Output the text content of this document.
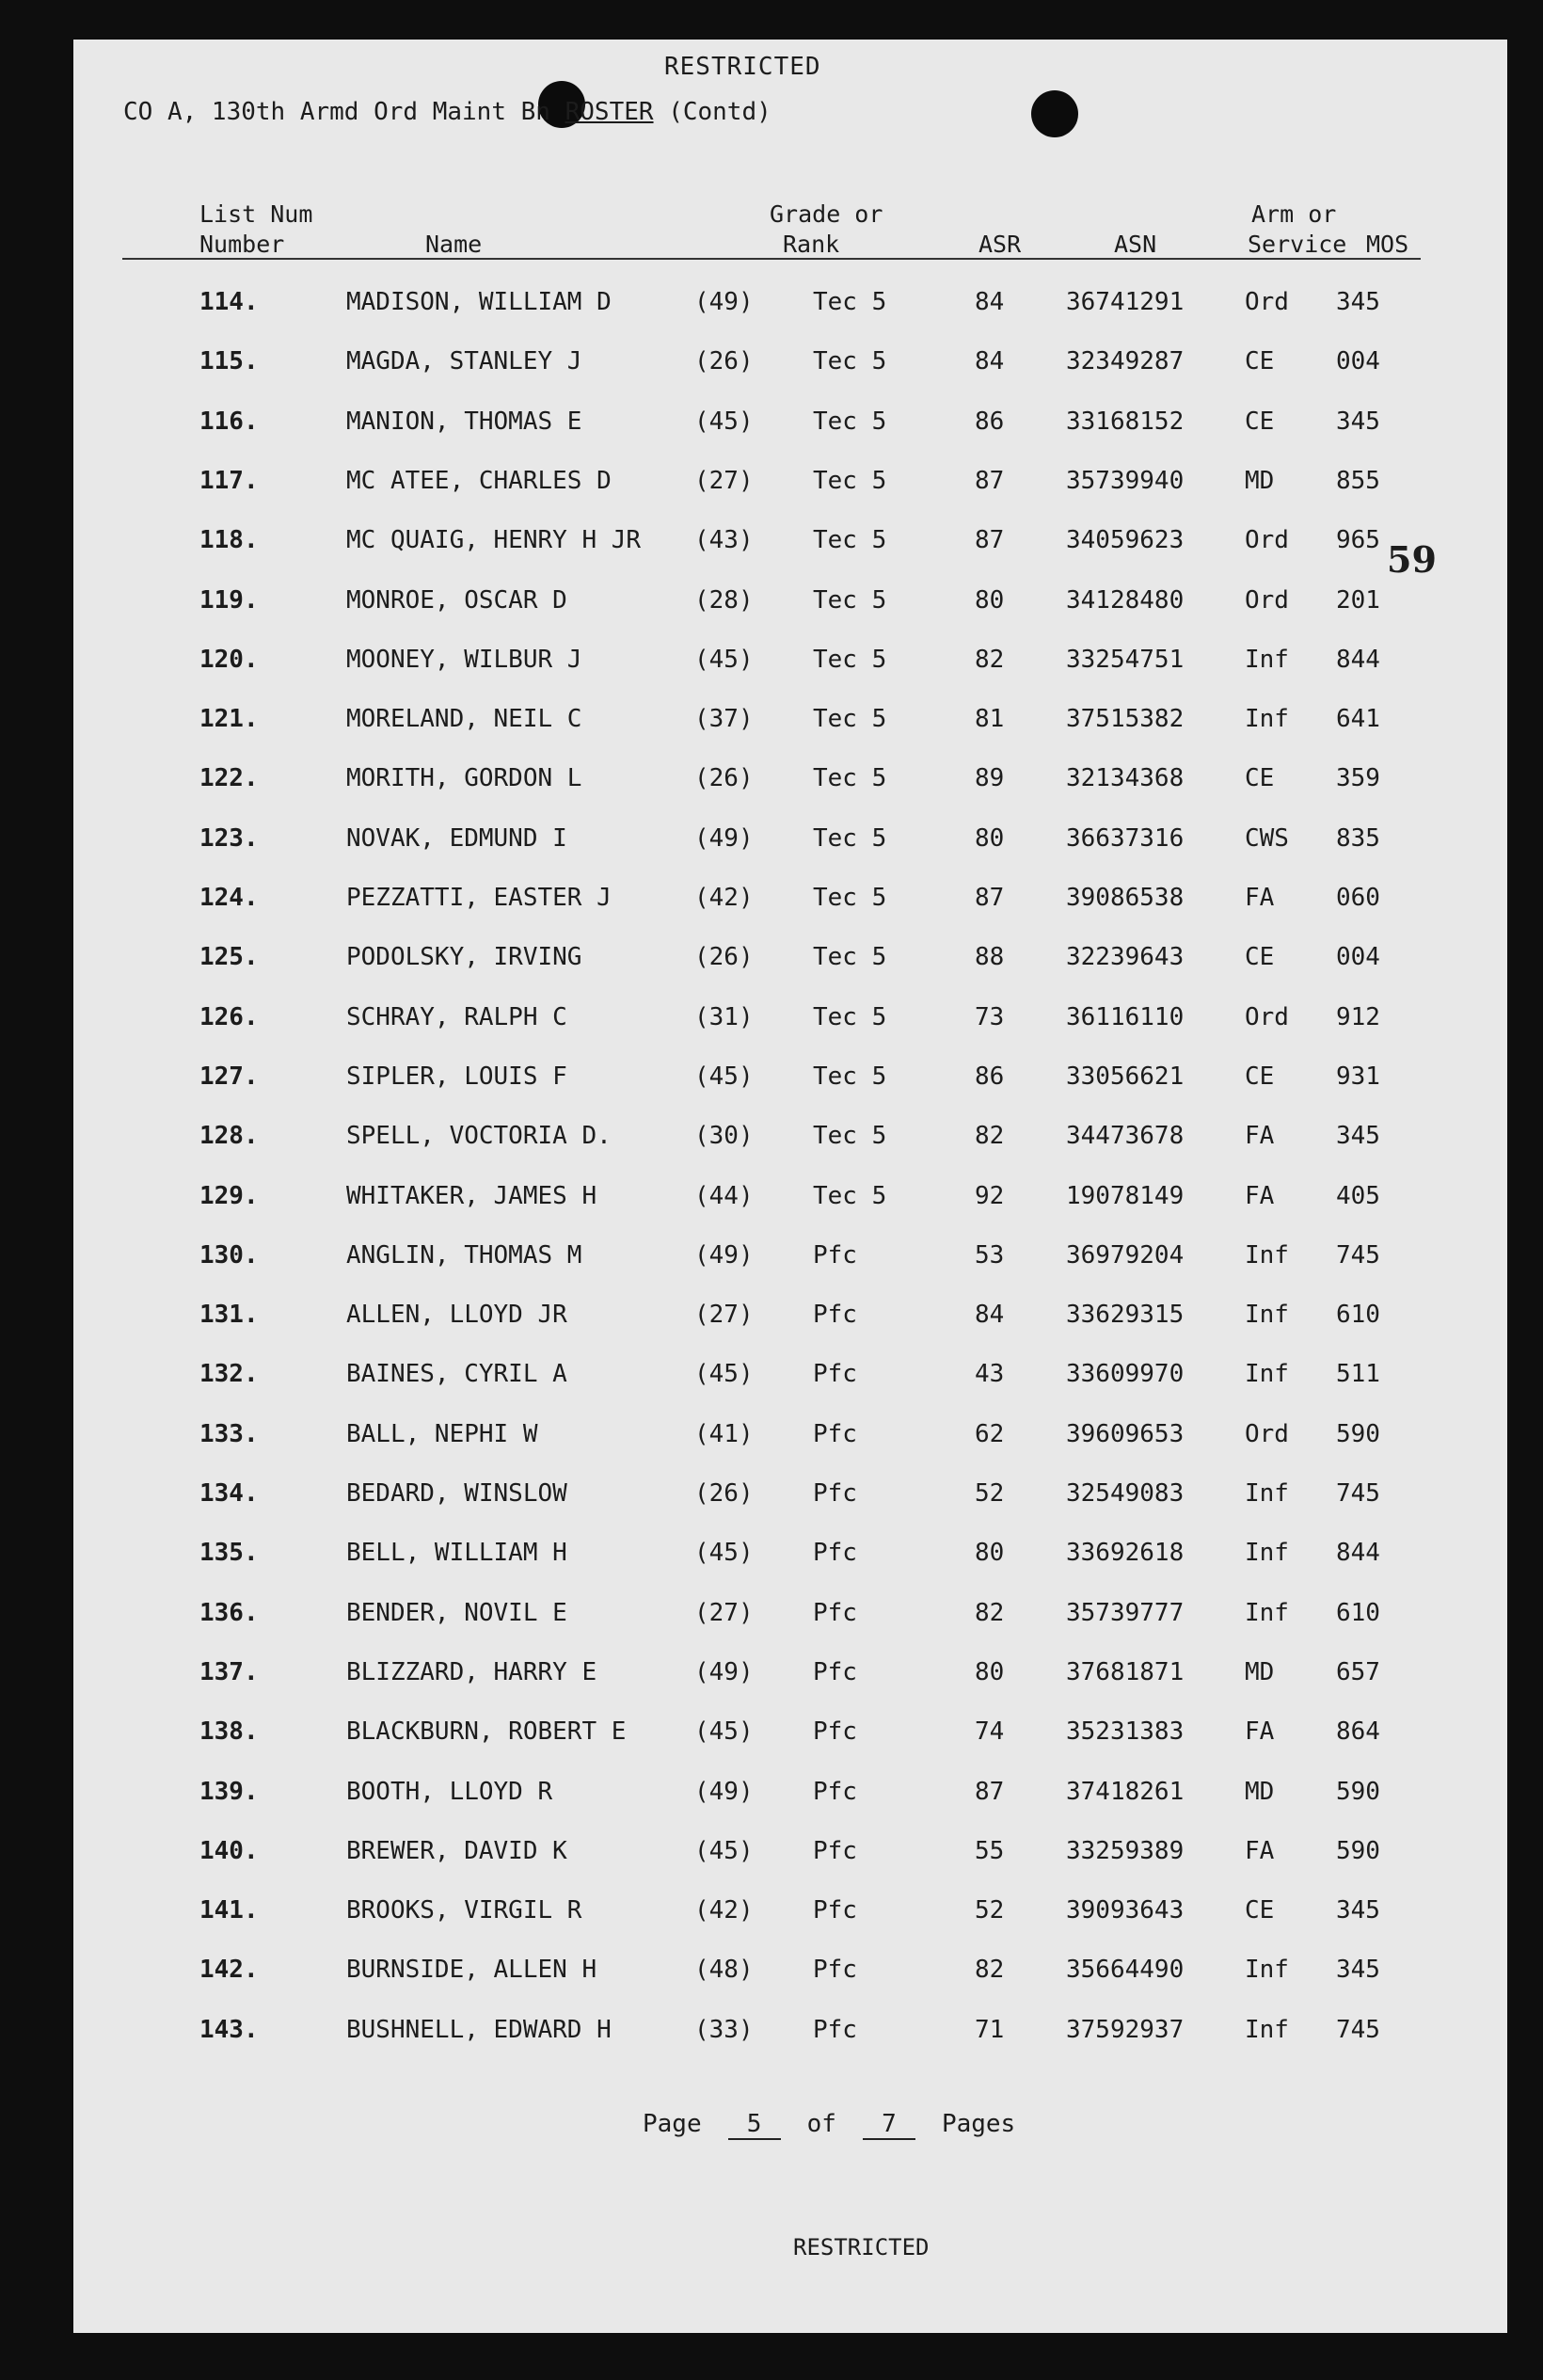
RESTRICTED
CO A, 130th Armd Ord Maint Bn ROSTER (Contd)
List Num
Number	Name
Grade or
Rank	ASR	ASN
Arm or
Service MOS
114.	MADISON, WILLIAM D	(49) Tec 5	84	36741291 Ord 345
115.	MAGDA, STANLEY J	(26) Tec 5	84	32349287 CE	004
116.	MANION, THOMAS E	(45) Tec 5	86	33168152 CE	345
117.	MC ATEE, CHARLES D	(27) Tec 5	87	35739940 MD	855
118.	MC QUAIG, HENRY H JR (43) Tec 5	87	34059623 Ord 965
119.	MONROE, OSCAR D	(28) Tec 5	80	34128480 Ord 201
120.	MOONEY, WILBUR J	(45) Tec 5	82	33254751 Inf 844
121.	MORELAND, NEIL C	(37) Tec 5	81	37515382 Inf 641
122.	MORITH, GORDON L	(26) Tec 5	89	32134368 CE	359
123.	NOVAK, EDMUND I	(49) Tec 5	80	36637316 CWS 835
124.	PEZZATTI, EASTER J	(42) Tec 5	87	39086538 FA	060
125.	PODOLSKY, IRVING	(26) Tec 5	88	32239643 CE	004
126.	SCHRAY, RALPH C	(31) Tec 5	73	36116110 Ord 912
127.	SIPLER, LOUIS F	(45) Tec 5	86	33056621 CE	931
128.	SPELL, VOCTORIA D.	(30) Tec 5	82	34473678 FA	345
129.	WHITAKER, JAMES H	(44) Tec 5	92	19078149 FA	405
130.	ANGLIN, THOMAS M	(49) Pfc	53	36979204 Inf 745
131.	ALLEN, LLOYD JR	(27) Pfc	84	33629315 Inf 610
132.	BAINES, CYRIL A	(45) Pfc	43	33609970 Inf 511
133.	BALL, NEPHI W	(41) Pfc	62	39609653 Ord 590
134.	BEDARD, WINSLOW	(26) Pfc	52	32549083 Inf 745
135.	BELL, WILLIAM H	(45) Pfc	80	33692618 Inf 844
136.	BENDER, NOVIL E	(27) Pfc	82	35739777 Inf 610
137.	BLIZZARD, HARRY E	(49) Pfc	80	37681871 MD	657
138.	BLACKBURN, ROBERT E	(45) Pfc	74	35231383 FA	864
139.	BOOTH, LLOYD R	(49) Pfc	87	37418261 MD	590
140.	BREWER, DAVID K	(45) Pfc	55	33259389 FA	590
141.	BROOKS, VIRGIL R	(42) Pfc	52	39093643 CE	345
142.	BURNSIDE, ALLEN H	(48) Pfc	82	35664490 Inf 345
143.	BUSHNELL, EDWARD H	(33) Pfc	71	37592937 Inf 745
59
Page 5 of 7 Pages
RESTRICTED
